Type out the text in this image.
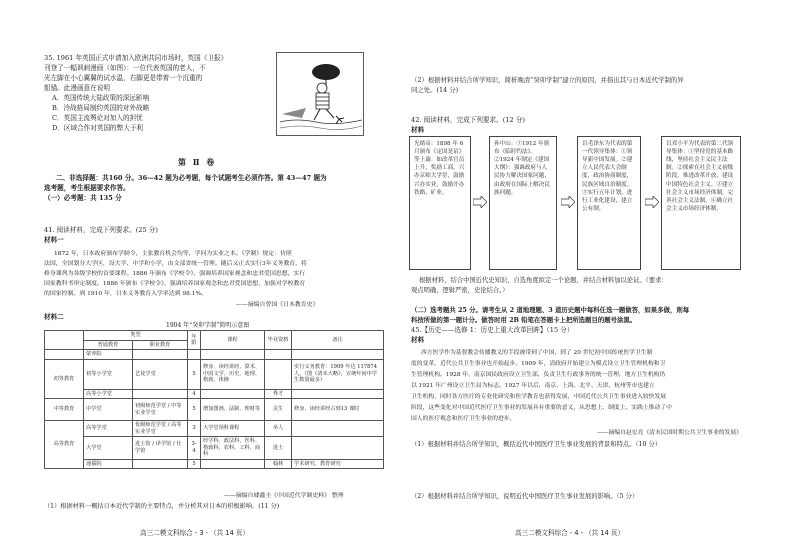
35. 1961 年英国正式申请加入欧洲共同市场时，英国《卫报》
刊登了一幅讽刺漫画（如图）：一位代表英国的老人，不
光左脚在小心翼翼的试水温，右脚更是带着一个沉重的
船锚。此漫画意在说明
A．英国传统大陆政策的深远影响
B．冷战格局制约英国的对外战略
C．英国主流舆论对加入的担忧
D．区域合作对英国的弊大于利
第 Ⅱ 卷
二、非选择题：共160 分。36—42 题为必考题，每个试题考生必须作答。第 43—47 题为
选考题，考生根据要求作答。
（一）必考题：共 135 分
41. 阅读材料，完成下列要求。(25 分)
材料一
1872 年，日本政府颁布学制令，主张教育机会均等，学问为实业之本。《学制》规定：仿照
法国，全国划分大学区，设大学、中学和小学，由文部省统一管理。随后又正式实行3年义务教育，将
修身课列为各级学校的首要课程。1886 年颁布《学校令》，强调培养国家观念和忠君爱国思想，实行
国家教科书审定制度。1886 年颁布《学校令》，强调培养国家观念和忠君爱国思想，加强对学校教育
的国家控制。到 1910 年，日本义务教育入学率达到 98.1%。
——摘编自曾国《日本教育史》
材料二
1904 年“癸卯学制”简明示意图
	类型		年限	课程	毕业资格	备注
	普通教育	职业教育				
	蒙养院					
初等教育	初等小学堂	艺徒学堂	5	修身、读经讲经、算术、中国文学、历史、地理、格致、体操		实行义务教育：1909 年达 117874 人。（图《清末大略》，宣统年间中学生数量最多）
	高等小学堂		4		秀才	
中等教育	中学堂	初级师范学堂 / 中等实业学堂	5	增加图画、法制、理财等	贡生	修身、读经讲经占到13 课时
高等教育	高等学堂	优级师范学堂 / 高等实业学堂	3	大学堂预科课程	举人	
	大学堂	进士馆 / 译学馆 / 仕学馆	3-4	经学科、政法科、医科、格致科、农科、工科、商科	进士	
	通儒院		5		翰林	学术研究、教育研究
——摘编自璩鑫圭《中国近代学制史料》 整理
（1）根据材料一概括日本近代学制的主要特点，并分析其对日本的积极影响。(11 分)
高三二模文科综合 - 3 - （共 14 页）
（2）根据材料并结合所学知识，简析晚清“癸卯学制”建立的原因，并指出其与日本近代学制的异
同之处。(14 分)
42. 阅读材料，完成下列要求。(12 分)
材料
光绪帝：1898 年 6 月颁布《定国是诏》等上谕：如改革官员上升，奖励工商，兴办京师大学堂，鼓励兴办实业，鼓励开办铁路、矿业。
孙中山：①1912 年颁布《临时约法》。②1924 年制定《建国大纲》：强调政府与人民协力解决国家问题，由政府在国际上解决民族问题。
以毛泽东为代表的第一代领导集体：①领导新中国发展。②建立人民代表大会制度，政治协商制度，民族区域自治制度。③实行五年计划，进行工业化建设，建立公有制。
以邓小平为代表的第二代领导集体：①坚持党的基本路线，坚持社会主义民主法制。②探索在社会主义初级阶段，推进改革开放，建设中国特色社会主义。③建立社会主义市场经济体制，完善社会主义法制。④确立社会主义市场经济体制。
根据材料，结合中国近代史知识，自选角度拟定一个论题，并结合材料加以论证。（要求：
观点明确，逻辑严密，史论结合。）
（二）选考题共 25 分。请考生从 2 道地理题、3 道历史题中每科任选一题做答，如果多做，则每
科按所做的第一题计分。做答时用 2B 铅笔在答题卡上把所选题目的题号涂黑。
45.【历史——选修 1：历史上重大改革回眸】（15 分）
材料
西方医学作为基督教会传播教义的手段被带到了中国，到了 20 世纪初中国传统医学卫生制
度的变革，近代公共卫生事业也开始起步。1909 年，清政府开始建立为模式设立卫生管理机构和卫
生管理机构。1928 年，南京国民政府设立卫生部，负责卫生行政事务的统一管理，地方卫生机构仍
以 1921 年广州设立卫生局为标志。1927 年以后，南京、上海、北平、天津、杭州等市也建立
卫生机构，同时各方医疗的专业化研究和医学教育也获得发展，中国近代公共卫生事业进入较快发展
阶段，这些变化对中国近代医疗卫生事业的发展具有重要的意义，从思想上、制度上、实践上推动了中
国人的医疗观念和医疗卫生事业的进步。
——摘编自赵宏亮《清末民国时期公共卫生事业的发展》
（1）根据材料并结合所学知识，概括近代中国医疗卫生事业发展的背景和特点。（10 分）
（2）根据材料并结合所学知识，说明近代中国医疗卫生事业发展的影响。（5 分）
高三二模文科综合 - 4 - （共 14 页）
